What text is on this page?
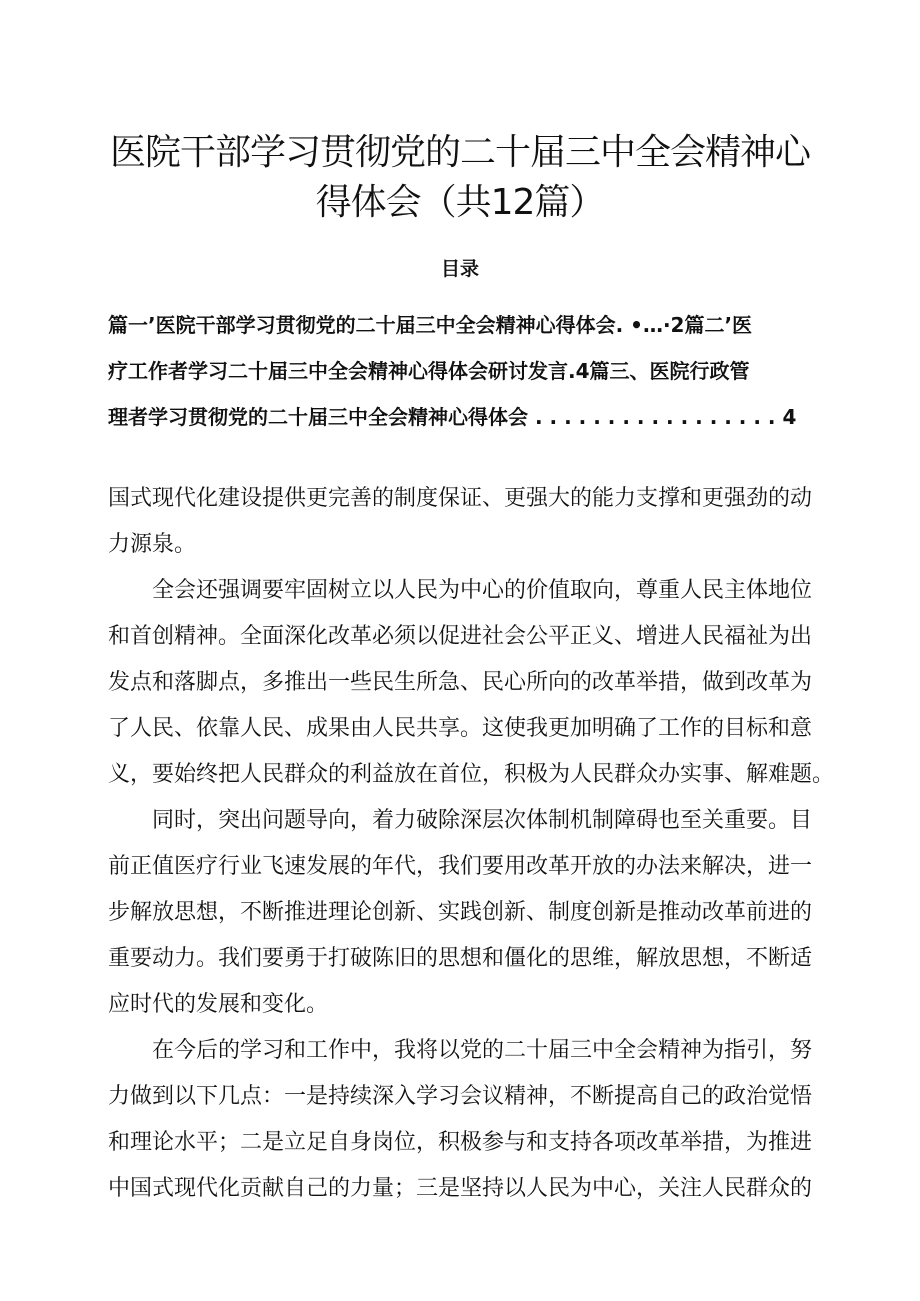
医院干部学习贯彻党的二十届三中全会精神心
得体会（共12篇）
目录
篇一’医院干部学习贯彻党的二十届三中全会精神心得体会. •…·2篇二’医
疗工作者学习二十届三中全会精神心得体会研讨发言.4篇三、医院行政管
理者学习贯彻党的二十届三中全会精神心得体会 . . . . . . . . . . . . . . . . . 4
国式现代化建设提供更完善的制度保证、更强大的能力支撑和更强劲的动
力源泉。
　　全会还强调要牢固树立以人民为中心的价值取向，尊重人民主体地位
和首创精神。全面深化改革必须以促进社会公平正义、增进人民福祉为出
发点和落脚点，多推出一些民生所急、民心所向的改革举措，做到改革为
了人民、依靠人民、成果由人民共享。这使我更加明确了工作的目标和意
义，要始终把人民群众的利益放在首位，积极为人民群众办实事、解难题。
　　同时，突出问题导向，着力破除深层次体制机制障碍也至关重要。目
前正值医疗行业飞速发展的年代，我们要用改革开放的办法来解决，进一
步解放思想，不断推进理论创新、实践创新、制度创新是推动改革前进的
重要动力。我们要勇于打破陈旧的思想和僵化的思维，解放思想，不断适
应时代的发展和变化。
　　在今后的学习和工作中，我将以党的二十届三中全会精神为指引，努
力做到以下几点：一是持续深入学习会议精神，不断提高自己的政治觉悟
和理论水平；二是立足自身岗位，积极参与和支持各项改革举措，为推进
中国式现代化贡献自己的力量；三是坚持以人民为中心，关注人民群众的
